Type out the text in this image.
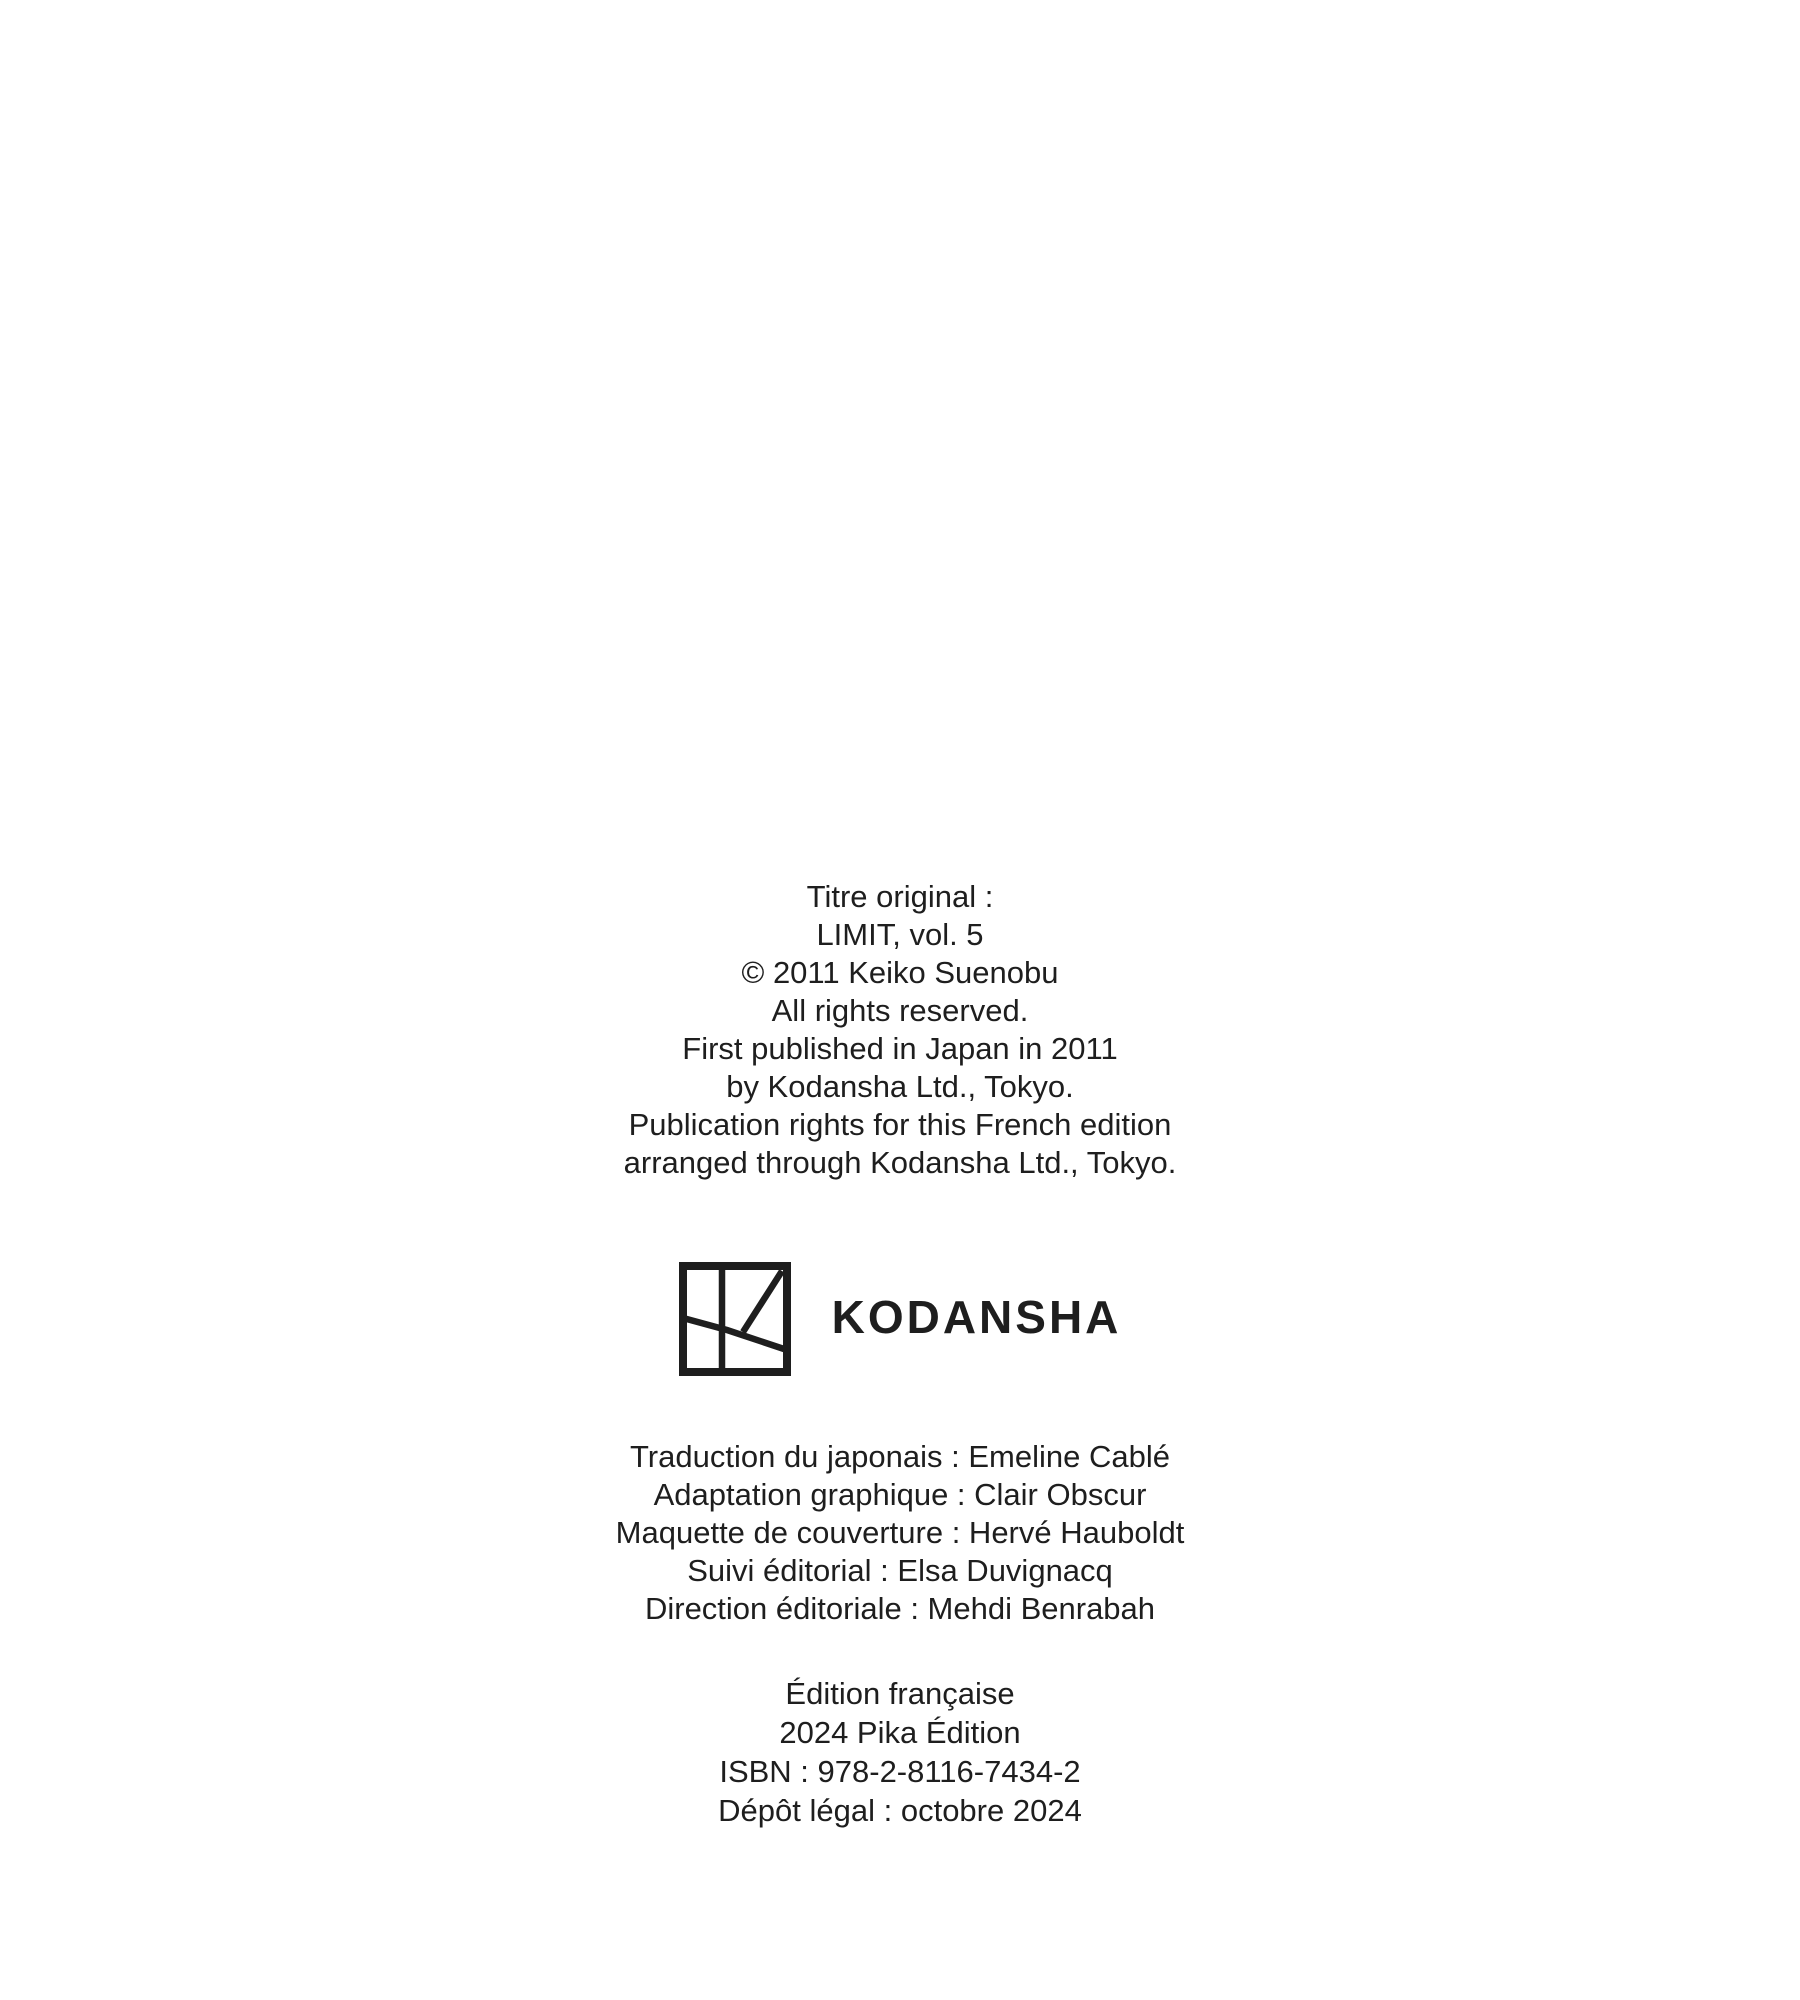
Titre original :
LIMIT, vol. 5
© 2011 Keiko Suenobu
All rights reserved.
First published in Japan in 2011
by Kodansha Ltd., Tokyo.
Publication rights for this French edition
arranged through Kodansha Ltd., Tokyo.
KODANSHA
Traduction du japonais : Emeline Cablé
Adaptation graphique : Clair Obscur
Maquette de couverture : Hervé Hauboldt
Suivi éditorial : Elsa Duvignacq
Direction éditoriale : Mehdi Benrabah
Édition française
2024 Pika Édition
ISBN : 978-2-8116-7434-2
Dépôt légal : octobre 2024
